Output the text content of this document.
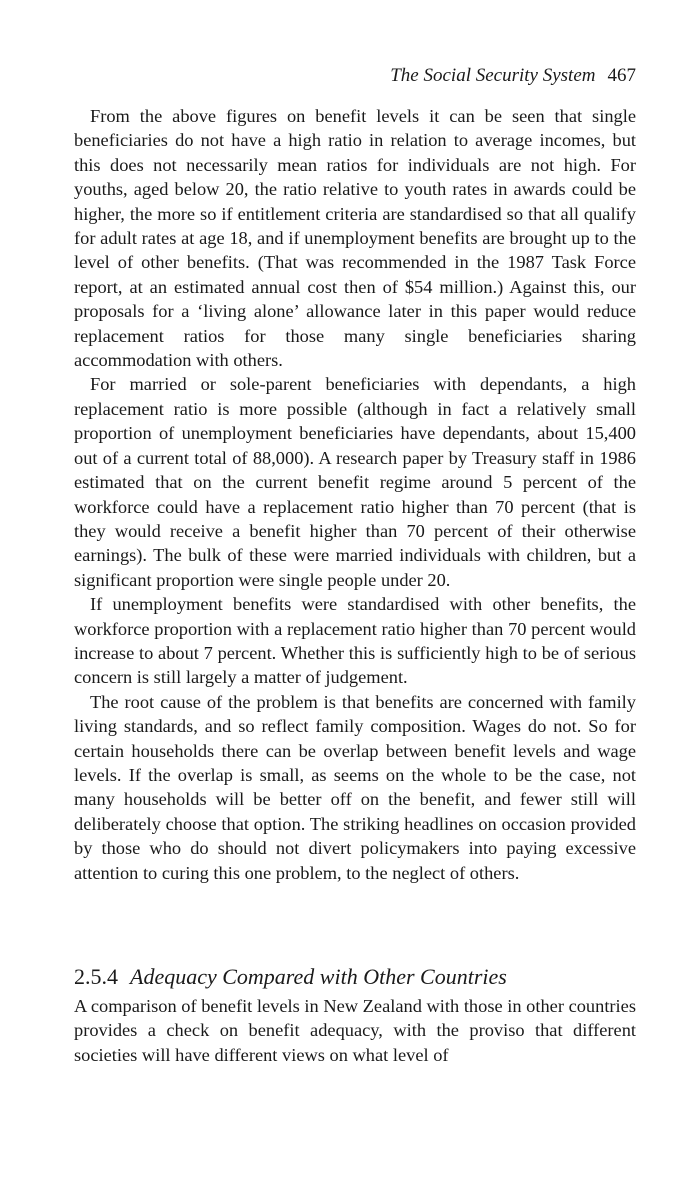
The Social Security System 467

From the above figures on benefit levels it can be seen that single beneficiaries do not have a high ratio in relation to average incomes, but this does not necessarily mean ratios for individuals are not high. For youths, aged below 20, the ratio relative to youth rates in awards could be higher, the more so if entitlement criteria are standardised so that all qualify for adult rates at age 18, and if unemployment benefits are brought up to the level of other benefits. (That was recommended in the 1987 Task Force report, at an estimated annual cost then of $54 million.) Against this, our proposals for a ‘living alone’ allowance later in this paper would reduce replacement ratios for those many single beneficiaries sharing accommodation with others.

For married or sole-parent beneficiaries with dependants, a high replacement ratio is more possible (although in fact a relatively small proportion of unemployment beneficiaries have dependants, about 15,400 out of a current total of 88,000). A research paper by Treasury staff in 1986 estimated that on the current benefit regime around 5 percent of the workforce could have a replacement ratio higher than 70 percent (that is they would receive a benefit higher than 70 percent of their otherwise earnings). The bulk of these were married individuals with children, but a significant proportion were single people under 20.

If unemployment benefits were standardised with other benefits, the workforce proportion with a replacement ratio higher than 70 percent would increase to about 7 percent. Whether this is sufficiently high to be of serious concern is still largely a matter of judgement.

The root cause of the problem is that benefits are concerned with family living standards, and so reflect family composition. Wages do not. So for certain households there can be overlap between benefit levels and wage levels. If the overlap is small, as seems on the whole to be the case, not many households will be better off on the benefit, and fewer still will deliberately choose that option. The striking headlines on occasion provided by those who do should not divert policymakers into paying excessive attention to curing this one problem, to the neglect of others.

2.5.4 Adequacy Compared with Other Countries

A comparison of benefit levels in New Zealand with those in other countries provides a check on benefit adequacy, with the proviso that different societies will have different views on what level of
